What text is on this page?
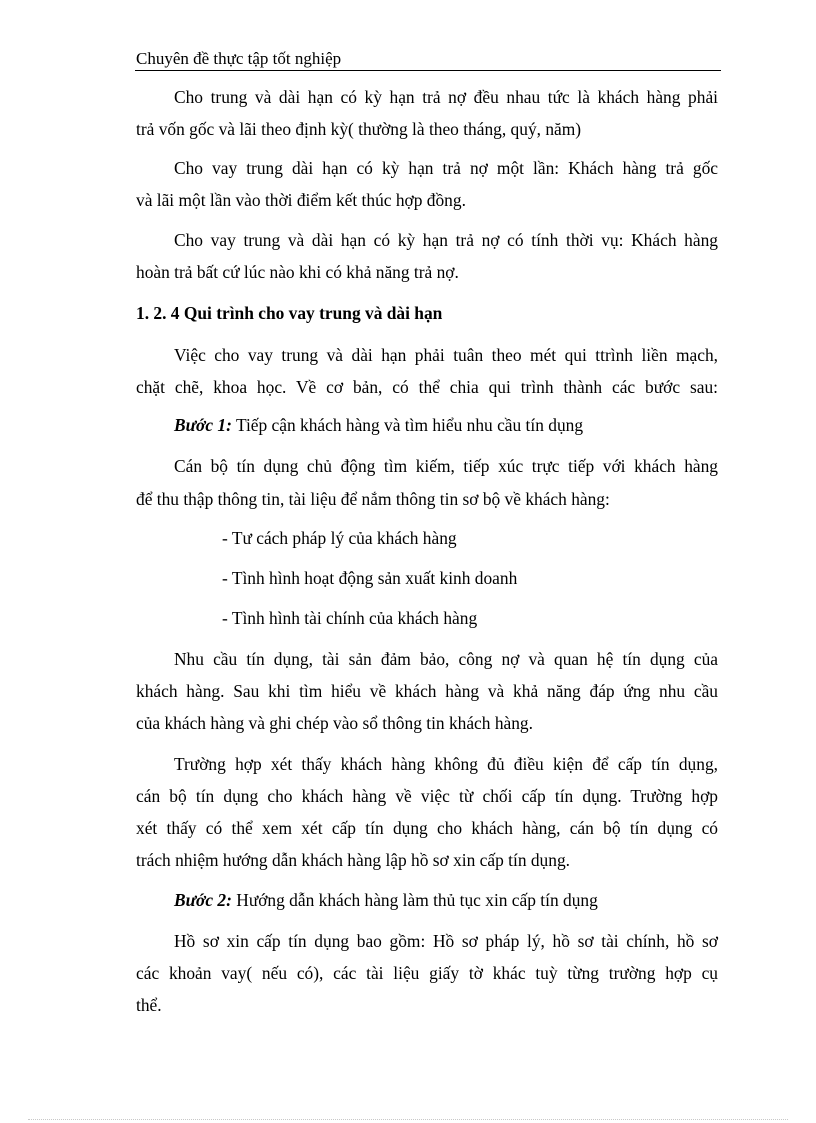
Chuyên đề thực tập tốt nghiệp
Cho trung và dài hạn có kỳ hạn trả nợ đều nhau tức là khách hàng phải
trả vốn gốc và lãi theo định kỳ( thường là theo tháng, quý, năm)
Cho vay trung dài hạn có kỳ hạn trả nợ một lần: Khách hàng trả gốc
và lãi một lần vào thời điểm kết thúc hợp đồng.
Cho vay trung và dài hạn có kỳ hạn trả nợ có tính thời vụ: Khách hàng
hoàn trả bất cứ lúc nào khi có khả năng trả nợ.
1. 2. 4 Qui trình cho vay trung và dài hạn
Việc cho vay trung và dài hạn phải tuân theo mét qui ttrình liền mạch,
chặt chẽ, khoa học. Về cơ bản, có thể chia qui trình thành các bước sau:
Bước 1: Tiếp cận khách hàng và tìm hiểu nhu cầu tín dụng
Cán bộ tín dụng chủ động tìm kiếm, tiếp xúc trực tiếp với khách hàng
để thu thập thông tin, tài liệu để nắm thông tin sơ bộ về khách hàng:
- Tư cách pháp lý của khách hàng
- Tình hình hoạt động sản xuất kinh doanh
- Tình hình tài chính của khách hàng
Nhu cầu tín dụng, tài sản đảm bảo, công nợ và quan hệ tín dụng của
khách hàng. Sau khi tìm hiểu về khách hàng và khả năng đáp ứng nhu cầu
của khách hàng và ghi chép vào sổ thông tin khách hàng.
Trường hợp xét thấy khách hàng không đủ điều kiện để cấp tín dụng,
cán bộ tín dụng cho khách hàng về việc từ chối cấp tín dụng. Trường hợp
xét thấy có thể xem xét cấp tín dụng cho khách hàng, cán bộ tín dụng có
trách nhiệm hướng dẫn khách hàng lập hồ sơ xin cấp tín dụng.
Bước 2: Hướng dẫn khách hàng làm thủ tục xin cấp tín dụng
Hồ sơ xin cấp tín dụng bao gồm: Hồ sơ pháp lý, hồ sơ tài chính, hồ sơ
các khoản vay( nếu có), các tài liệu giấy tờ khác tuỳ từng trường hợp cụ
thể.
